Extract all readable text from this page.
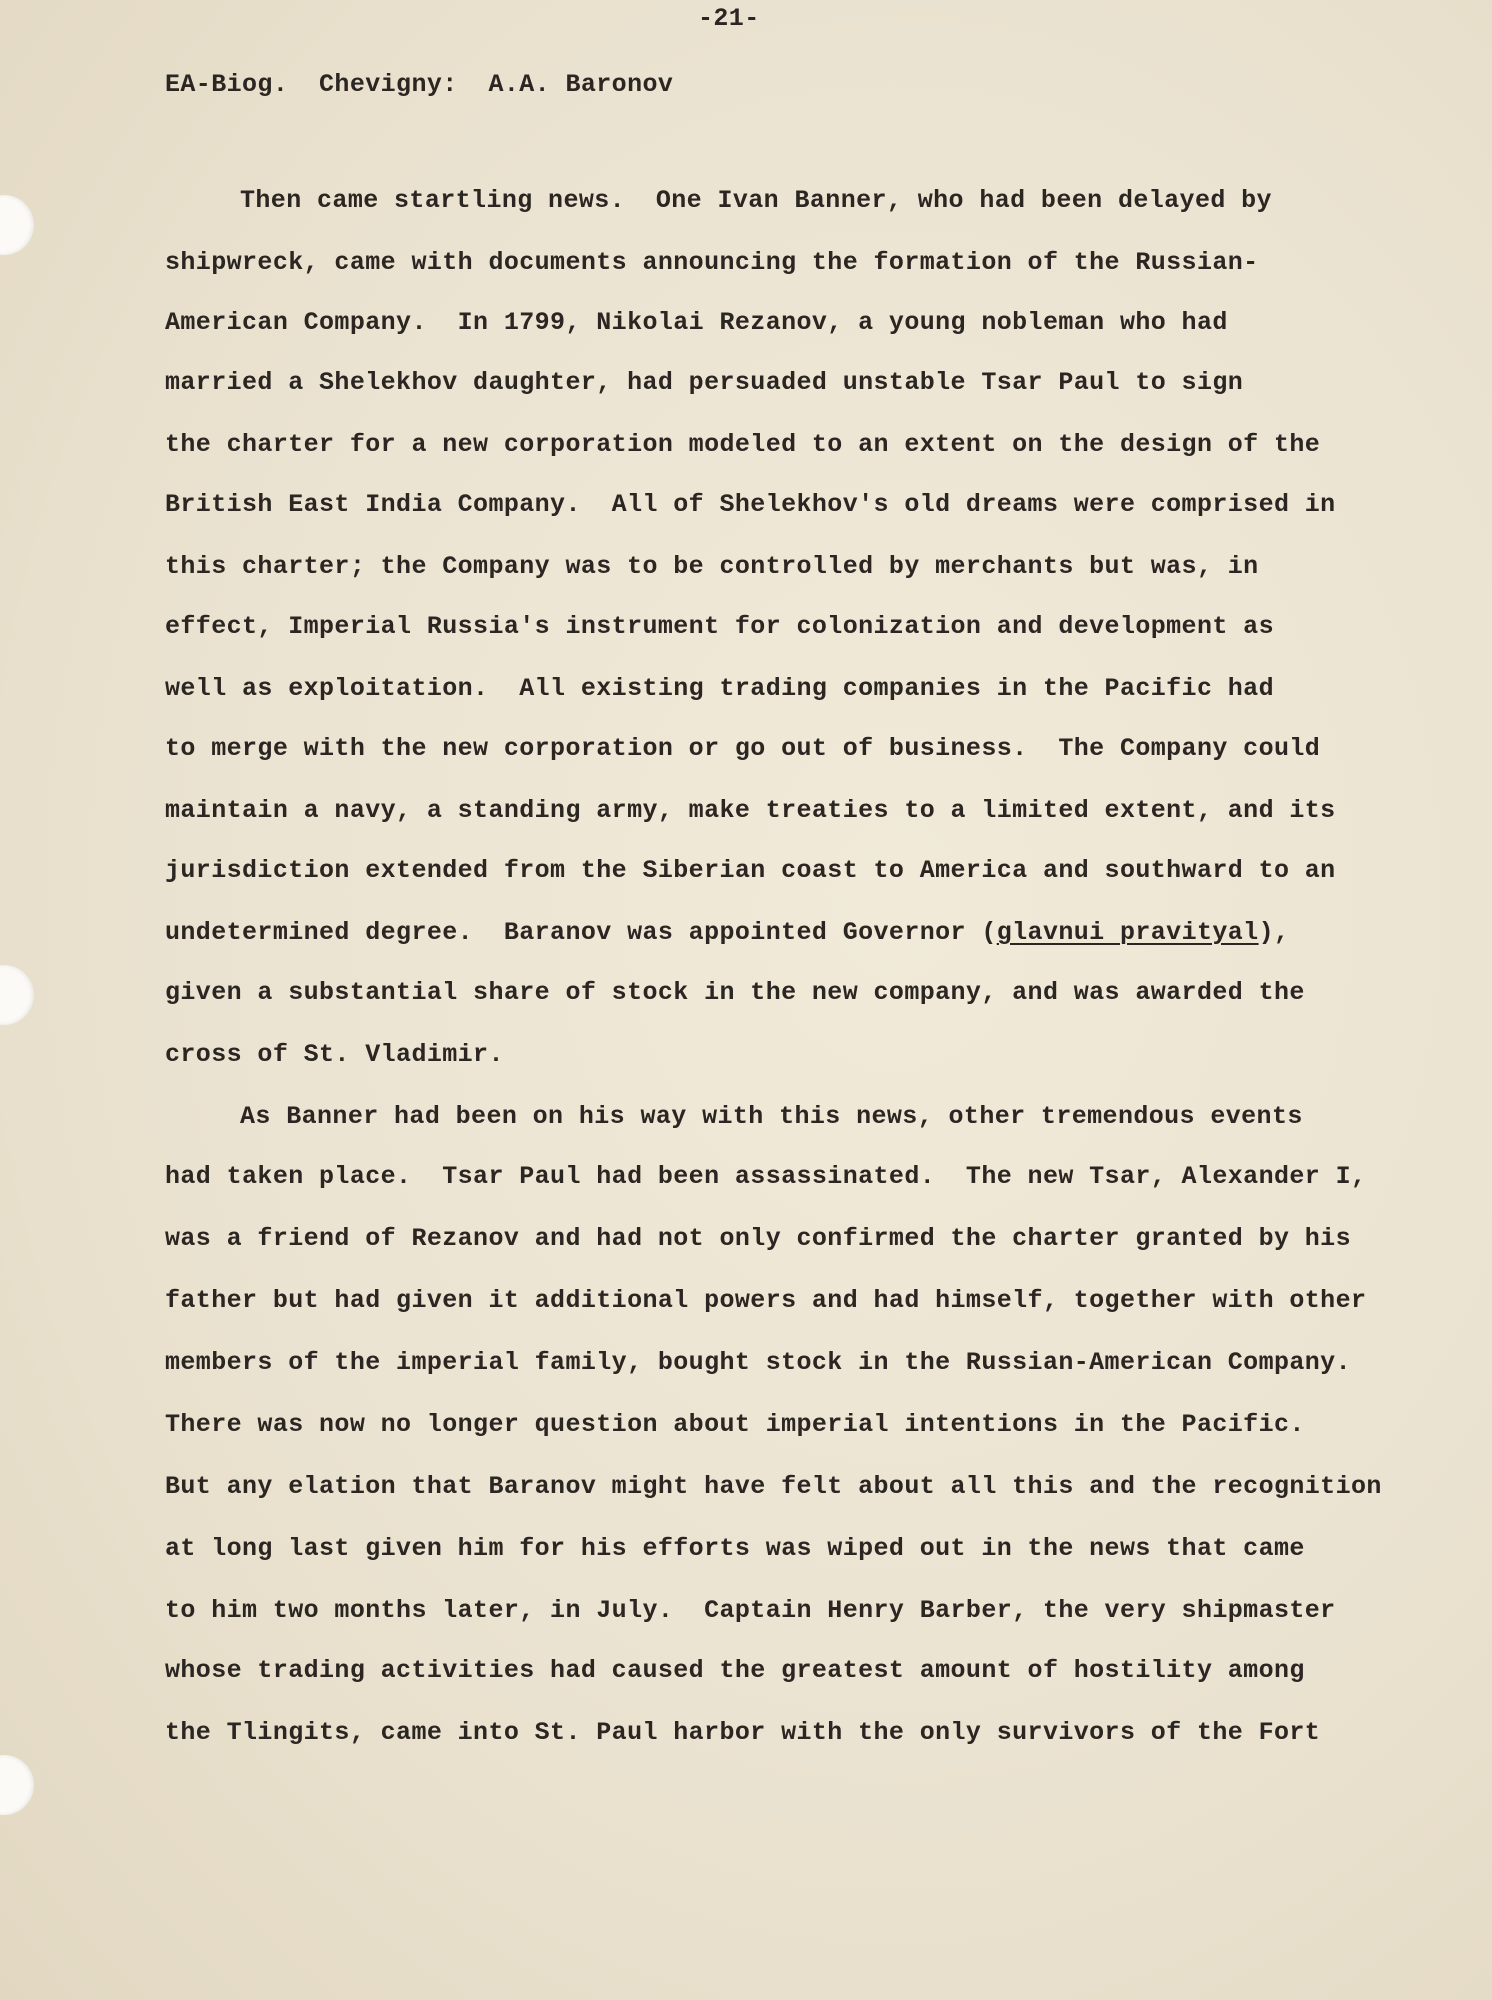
-21-
EA-Biog.  Chevigny:  A.A. Baronov
Then came startling news.  One Ivan Banner, who had been delayed by
shipwreck, came with documents announcing the formation of the Russian-
American Company.  In 1799, Nikolai Rezanov, a young nobleman who had
married a Shelekhov daughter, had persuaded unstable Tsar Paul to sign
the charter for a new corporation modeled to an extent on the design of the
British East India Company.  All of Shelekhov's old dreams were comprised in
this charter; the Company was to be controlled by merchants but was, in
effect, Imperial Russia's instrument for colonization and development as
well as exploitation.  All existing trading companies in the Pacific had
to merge with the new corporation or go out of business.  The Company could
maintain a navy, a standing army, make treaties to a limited extent, and its
jurisdiction extended from the Siberian coast to America and southward to an
undetermined degree.  Baranov was appointed Governor (glavnui pravityal),
given a substantial share of stock in the new company, and was awarded the
cross of St. Vladimir.
As Banner had been on his way with this news, other tremendous events
had taken place.  Tsar Paul had been assassinated.  The new Tsar, Alexander I,
was a friend of Rezanov and had not only confirmed the charter granted by his
father but had given it additional powers and had himself, together with other
members of the imperial family, bought stock in the Russian-American Company.
There was now no longer question about imperial intentions in the Pacific.
But any elation that Baranov might have felt about all this and the recognition
at long last given him for his efforts was wiped out in the news that came
to him two months later, in July.  Captain Henry Barber, the very shipmaster
whose trading activities had caused the greatest amount of hostility among
the Tlingits, came into St. Paul harbor with the only survivors of the Fort
